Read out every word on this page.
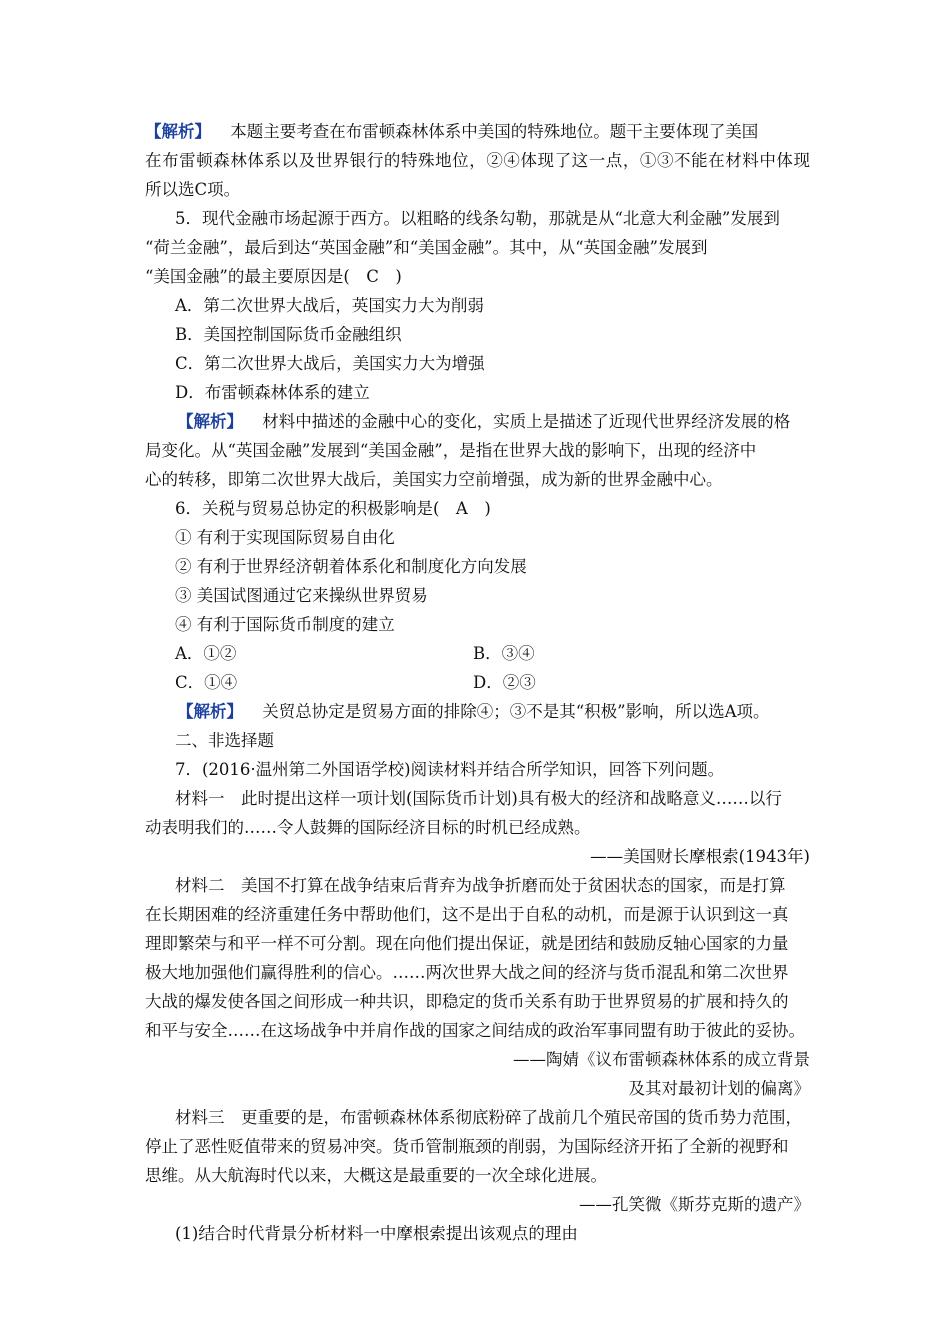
【解析】 本题主要考查在布雷顿森林体系中美国的特殊地位。题干主要体现了美国
在布雷顿森林体系以及世界银行的特殊地位，②④体现了这一点，①③不能在材料中体现
所以选C项。
5．现代金融市场起源于西方。以粗略的线条勾勒，那就是从“北意大利金融”发展到
“荷兰金融”，最后到达“英国金融”和“美国金融”。其中，从“英国金融”发展到
“美国金融”的最主要原因是(　C　)
A．第二次世界大战后，英国实力大为削弱
B．美国控制国际货币金融组织
C．第二次世界大战后，美国实力大为增强
D．布雷顿森林体系的建立
【解析】 材料中描述的金融中心的变化，实质上是描述了近现代世界经济发展的格
局变化。从“英国金融”发展到“美国金融”，是指在世界大战的影响下，出现的经济中
心的转移，即第二次世界大战后，美国实力空前增强，成为新的世界金融中心。
6．关税与贸易总协定的积极影响是(　A　)
① 有利于实现国际贸易自由化
② 有利于世界经济朝着体系化和制度化方向发展
③ 美国试图通过它来操纵世界贸易
④ 有利于国际货币制度的建立
A．①②	B．③④
C．①④	D．②③
【解析】 关贸总协定是贸易方面的排除④；③不是其“积极”影响，所以选A项。
二、非选择题
7．(2016·温州第二外国语学校)阅读材料并结合所学知识，回答下列问题。
材料一　此时提出这样一项计划(国际货币计划)具有极大的经济和战略意义……以行
动表明我们的……令人鼓舞的国际经济目标的时机已经成熟。
——美国财长摩根索(1943年)
材料二　美国不打算在战争结束后背弃为战争折磨而处于贫困状态的国家，而是打算
在长期困难的经济重建任务中帮助他们，这不是出于自私的动机，而是源于认识到这一真
理即繁荣与和平一样不可分割。现在向他们提出保证，就是团结和鼓励反轴心国家的力量
极大地加强他们赢得胜利的信心。……两次世界大战之间的经济与货币混乱和第二次世界
大战的爆发使各国之间形成一种共识，即稳定的货币关系有助于世界贸易的扩展和持久的
和平与安全……在这场战争中并肩作战的国家之间结成的政治军事同盟有助于彼此的妥协。
——陶婧《议布雷顿森林体系的成立背景
及其对最初计划的偏离》
材料三　更重要的是，布雷顿森林体系彻底粉碎了战前几个殖民帝国的货币势力范围，
停止了恶性贬值带来的贸易冲突。货币管制瓶颈的削弱，为国际经济开拓了全新的视野和
思维。从大航海时代以来，大概这是最重要的一次全球化进展。
——孔笑微《斯芬克斯的遗产》
(1)结合时代背景分析材料一中摩根索提出该观点的理由
